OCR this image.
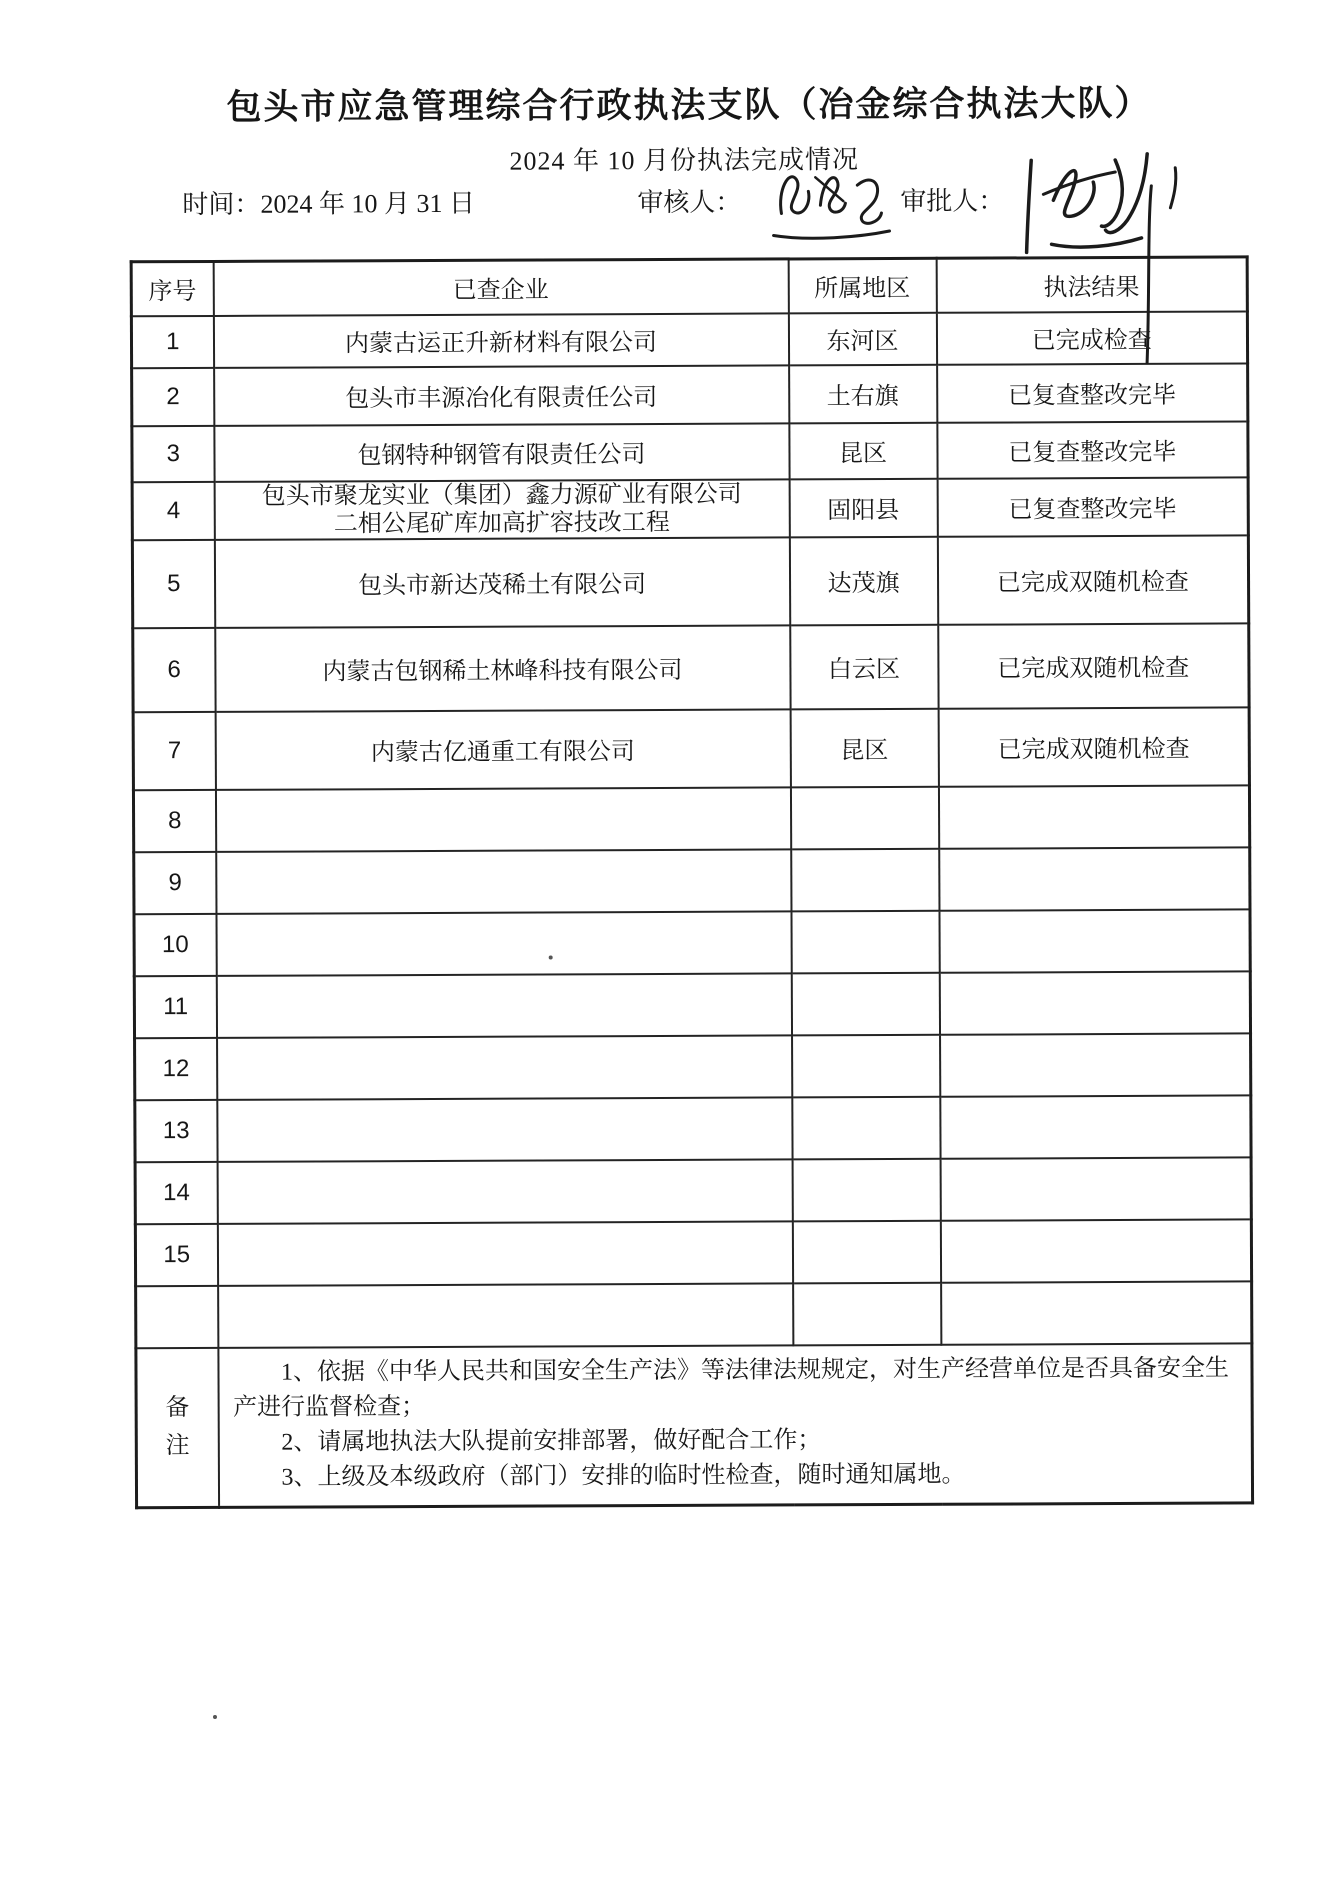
包头市应急管理综合行政执法支队（冶金综合执法大队）
2024 年 10 月份执法完成情况
时间：2024 年 10 月 31 日	审核人：	审批人：
序号	已查企业	所属地区	执法结果
1	内蒙古运正升新材料有限公司	东河区	已完成检查
2	包头市丰源冶化有限责任公司	土右旗	已复查整改完毕
3	包钢特种钢管有限责任公司	昆区	已复查整改完毕
4	包头市聚龙实业（集团）鑫力源矿业有限公司
二相公尾矿库加高扩容技改工程	固阳县	已复查整改完毕
5	包头市新达茂稀土有限公司	达茂旗	已完成双随机检查
6	内蒙古包钢稀土林峰科技有限公司	白云区	已完成双随机检查
7	内蒙古亿通重工有限公司	昆区	已完成双随机检查
8			
9			
10			
11			
12			
13			
14			
15			

备
注

1、依据《中华人民共和国安全生产法》等法律法规规定，对生产经营单位是否具备安全生产进行监督检查；
2、请属地执法大队提前安排部署，做好配合工作；
3、上级及本级政府（部门）安排的临时性检查，随时通知属地。
